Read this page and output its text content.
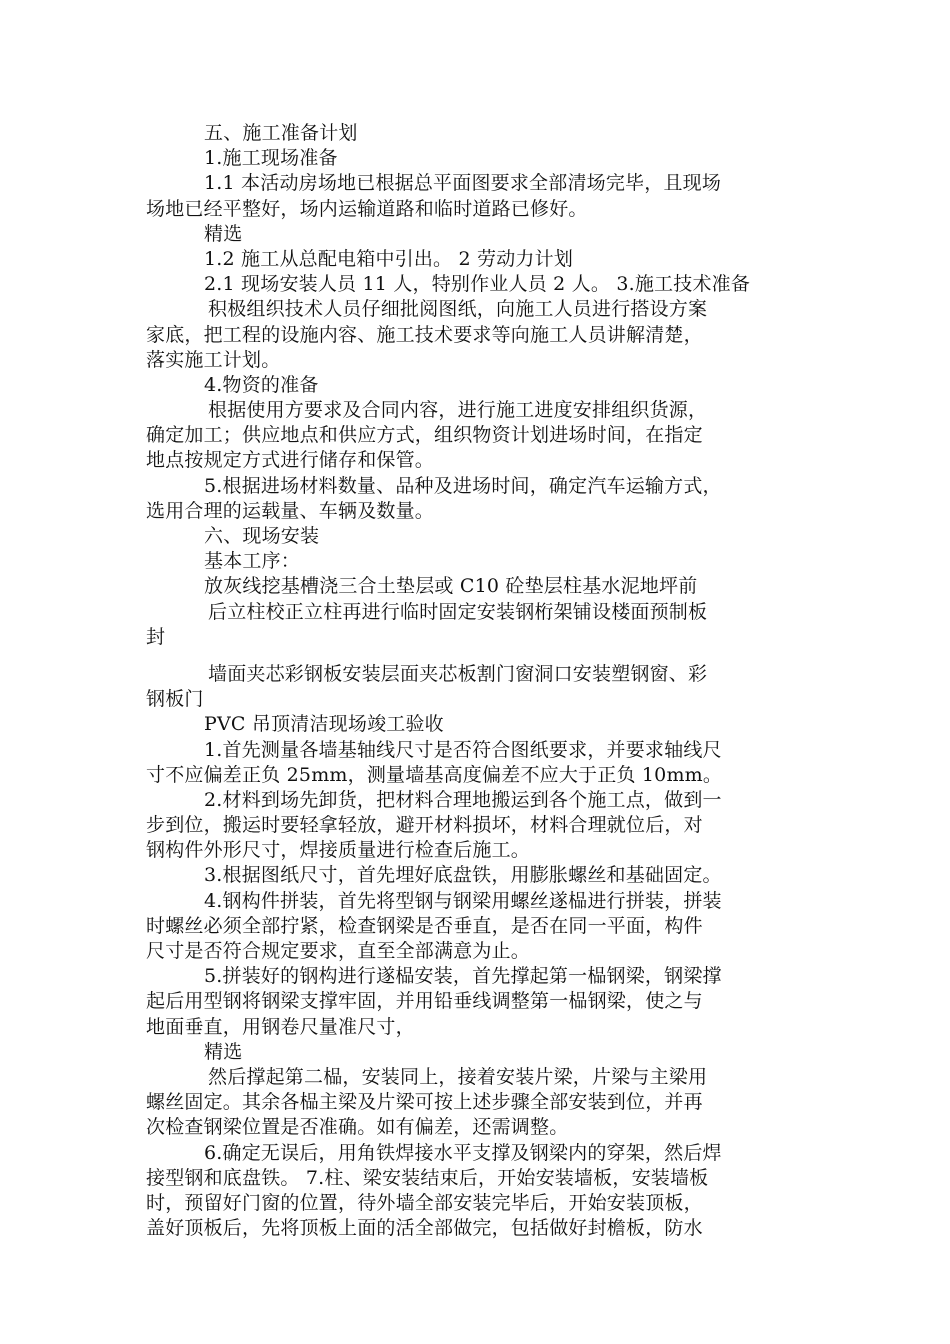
五、施工准备计划
1.施工现场准备
1.1 本活动房场地已根据总平面图要求全部清场完毕，且现场
场地已经平整好，场内运输道路和临时道路已修好。
精选
1.2 施工从总配电箱中引出。 2 劳动力计划
2.1 现场安装人员 11 人，特别作业人员 2 人。 3.施工技术准备
积极组织技术人员仔细批阅图纸，向施工人员进行搭设方案
家底，把工程的设施内容、施工技术要求等向施工人员讲解清楚，
落实施工计划。
4.物资的准备
根据使用方要求及合同内容，进行施工进度安排组织货源，
确定加工；供应地点和供应方式，组织物资计划进场时间，在指定
地点按规定方式进行储存和保管。
5.根据进场材料数量、品种及进场时间，确定汽车运输方式，
选用合理的运载量、车辆及数量。
六、现场安装
基本工序：
放灰线挖基槽浇三合土垫层或 C10 砼垫层柱基水泥地坪前
后立柱校正立柱再进行临时固定安装钢桁架铺设楼面预制板
封
墙面夹芯彩钢板安装层面夹芯板割门窗洞口安装塑钢窗、彩
钢板门
PVC 吊顶清洁现场竣工验收
1.首先测量各墙基轴线尺寸是否符合图纸要求，并要求轴线尺
寸不应偏差正负 25mm，测量墙基高度偏差不应大于正负 10mm。
2.材料到场先卸货，把材料合理地搬运到各个施工点，做到一
步到位，搬运时要轻拿轻放，避开材料损坏，材料合理就位后，对
钢构件外形尺寸，焊接质量进行检查后施工。
3.根据图纸尺寸，首先埋好底盘铁，用膨胀螺丝和基础固定。
4.钢构件拼装，首先将型钢与钢梁用螺丝遂榀进行拼装，拼装
时螺丝必须全部拧紧，检查钢梁是否垂直，是否在同一平面，构件
尺寸是否符合规定要求，直至全部满意为止。
5.拼装好的钢构进行遂榀安装，首先撑起第一榀钢梁，钢梁撑
起后用型钢将钢梁支撑牢固，并用铅垂线调整第一榀钢梁，使之与
地面垂直，用钢卷尺量准尺寸，
精选
然后撑起第二榀，安装同上，接着安装片梁，片梁与主梁用
螺丝固定。其余各榀主梁及片梁可按上述步骤全部安装到位，并再
次检查钢梁位置是否准确。如有偏差，还需调整。
6.确定无误后，用角铁焊接水平支撑及钢梁内的穿架，然后焊
接型钢和底盘铁。 7.柱、梁安装结束后，开始安装墙板，安装墙板
时，预留好门窗的位置，待外墙全部安装完毕后，开始安装顶板，
盖好顶板后，先将顶板上面的活全部做完，包括做好封檐板，防水
